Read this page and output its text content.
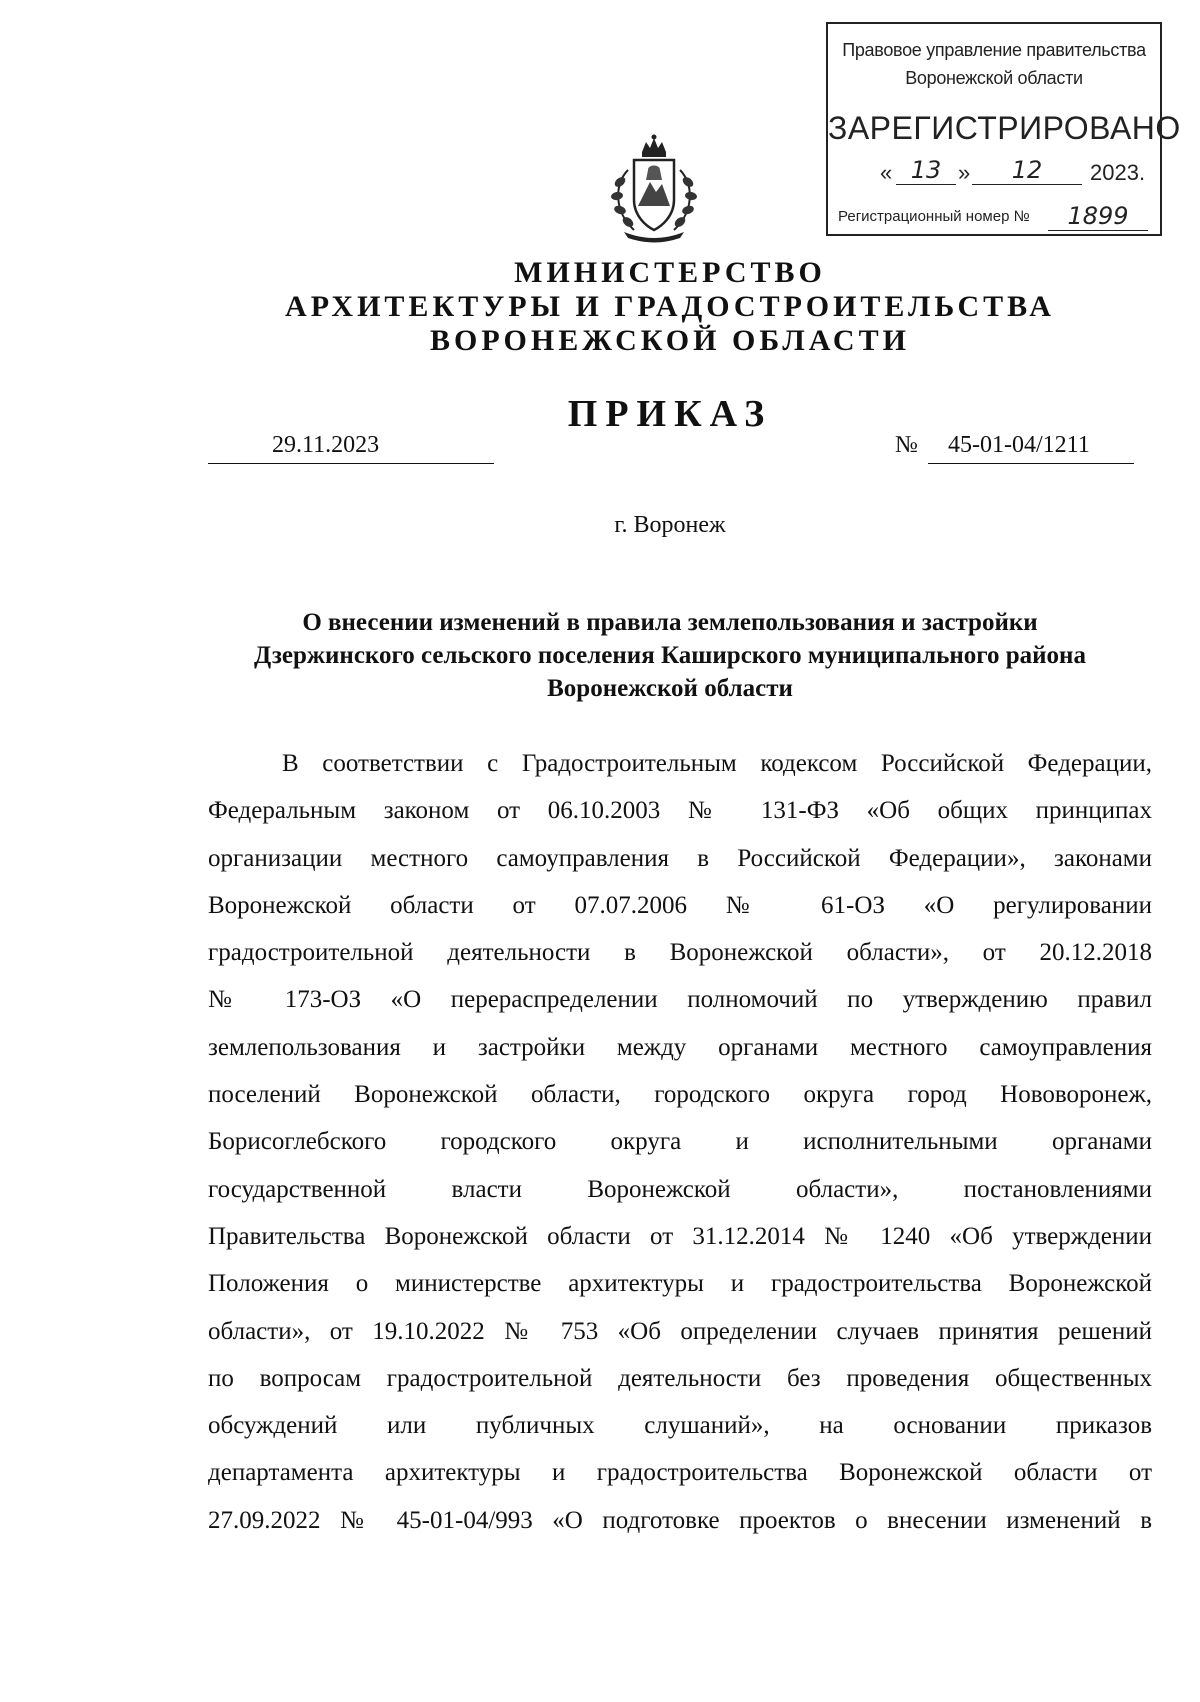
Правовое управление правительства
Воронежской области
ЗАРЕГИСТРИРОВАНО
« 13 »	12	2023.
Регистрационный номер №	1899
МИНИСТЕРСТВО
АРХИТЕКТУРЫ И ГРАДОСТРОИТЕЛЬСТВА
ВОРОНЕЖСКОЙ ОБЛАСТИ
ПРИКАЗ
29.11.2023	№	45-01-04/1211
г. Воронеж
О внесении изменений в правила землепользования и застройки
Дзержинского сельского поселения Каширского муниципального района
Воронежской области
В соответствии с Градостроительным кодексом Российской Федерации,
Федеральным законом от 06.10.2003 № 131-ФЗ «Об общих принципах
организации местного самоуправления в Российской Федерации», законами
Воронежской области от 07.07.2006 № 61-ОЗ «О регулировании
градостроительной деятельности в Воронежской области», от 20.12.2018
№ 173-ОЗ «О перераспределении полномочий по утверждению правил
землепользования и застройки между органами местного самоуправления
поселений Воронежской области, городского округа город Нововоронеж,
Борисоглебского городского округа и исполнительными органами
государственной власти Воронежской области», постановлениями
Правительства Воронежской области от 31.12.2014 № 1240 «Об утверждении
Положения о министерстве архитектуры и градостроительства Воронежской
области», от 19.10.2022 № 753 «Об определении случаев принятия решений
по вопросам градостроительной деятельности без проведения общественных
обсуждений или публичных слушаний», на основании приказов
департамента архитектуры и градостроительства Воронежской области от
27.09.2022 № 45-01-04/993 «О подготовке проектов о внесении изменений в
